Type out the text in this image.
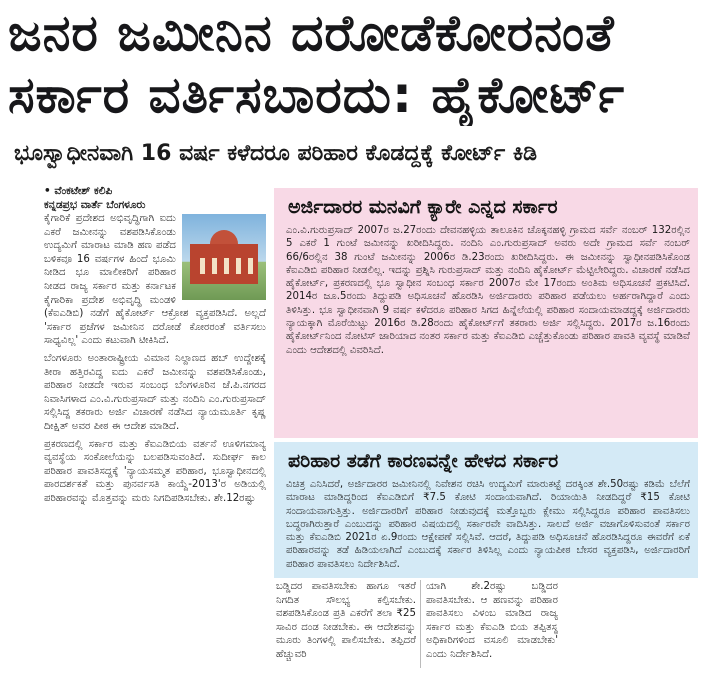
ಜನರ ಜಮೀನಿನ ದರೋಡೆಕೋರನಂತೆ
ಸರ್ಕಾರ ವರ್ತಿಸಬಾರದು: ಹೈಕೋರ್ಟ್
ಭೂಸ್ವಾಧೀನವಾಗಿ 16 ವರ್ಷ ಕಳೆದರೂ ಪರಿಹಾರ ಕೊಡದ್ದಕ್ಕೆ ಕೋರ್ಟ್ ಕಿಡಿ
• ವೆಂಕಟೇಶ್ ಕಲಿಪಿ
ಕನ್ನಡಪ್ರಭ ವಾರ್ತೆ ಬೆಂಗಳೂರು

ಕೈಗಾರಿಕೆ ಪ್ರದೇಶದ ಅಭಿವೃದ್ಧಿಗಾಗಿ ಐದು ಎಕರೆ ಜಮೀನನ್ನು ವಶಪಡಿಸಿಕೊಂಡು ಉದ್ಯಮಿಗೆ ಮಾರಾಟ ಮಾಡಿ ಹಣ ಪಡೆದ ಬಳಿಕವೂ 16 ವರ್ಷಗಳ ಹಿಂದೆ ಭೂಮಿ ನೀಡಿದ ಭೂ ಮಾಲೀಕರಿಗೆ ಪರಿಹಾರ ನೀಡದ ರಾಜ್ಯ ಸರ್ಕಾರ ಮತ್ತು ಕರ್ನಾಟಕ ಕೈಗಾರಿಕಾ ಪ್ರದೇಶ ಅಭಿವೃದ್ಧಿ ಮಂಡಳಿ (ಕೆಐಎಡಿಬಿ) ನಡೆಗೆ ಹೈಕೋರ್ಟ್ ಆಕ್ರೋಶ ವ್ಯಕ್ತಪಡಿಸಿದೆ. ಅಲ್ಲದೆ 'ಸರ್ಕಾರ ಪ್ರಜೆಗಳ ಜಮೀನಿನ ದರೋಡೆ ಕೋರರಂತೆ ವರ್ತಿಸಲು ಸಾಧ್ಯವಿಲ್ಲ' ಎಂದು ಕಟುವಾಗಿ ಟೀಕಿಸಿದೆ.

ಬೆಂಗಳೂರು ಅಂತಾರಾಷ್ಟ್ರೀಯ ವಿಮಾನ ನಿಲ್ದಾಣದ ಹಬ್ ಉದ್ದೇಶಕ್ಕೆ ತೀರಾ ಹತ್ತಿರವಿದ್ದ ಐದು ಎಕರೆ ಜಮೀನನ್ನು ವಶಪಡಿಸಿಕೊಂಡು, ಪರಿಹಾರ ನೀಡದೇ ಇರುವ ಸಂಬಂಧ ಬೆಂಗಳೂರಿನ ಜೆ.ಪಿ.ನಗರದ ನಿವಾಸಿಗಳಾದ ಎಂ.ವಿ.ಗುರುಪ್ರಸಾದ್ ಮತ್ತು ನಂದಿನಿ ಎಂ.ಗುರುಪ್ರಸಾದ್ ಸಲ್ಲಿಸಿದ್ದ ತಕರಾರು ಅರ್ಜಿ ವಿಚಾರಣೆ ನಡೆಸಿದ ನ್ಯಾಯಮೂರ್ತಿ ಕೃಷ್ಣ ದೀಕ್ಷಿತ್ ಅವರ ಪೀಠ ಈ ಆದೇಶ ಮಾಡಿದೆ.

ಪ್ರಕರಣದಲ್ಲಿ ಸರ್ಕಾರ ಮತ್ತು ಕೆಐಎಡಿಬಿಯ ವರ್ತನೆ ಊಳಿಗಮಾನ್ಯ ವ್ಯವಸ್ಥೆಯ ಸಂಕೋಲೆಯನ್ನು ಬಲಪಡಿಸುವಂತಿದೆ. ಸುದೀರ್ಘ ಕಾಲ ಪರಿಹಾರ ಪಾವತಿಸದ್ದಕ್ಕೆ 'ನ್ಯಾಯಸಮ್ಮತ ಪರಿಹಾರ, ಭೂಸ್ವಾಧೀನದಲ್ಲಿ ಪಾರದರ್ಶಕತೆ ಮತ್ತು ಪುನರ್ವಸತಿ ಕಾಯ್ದೆ-2013'ರ ಅಡಿಯಲ್ಲಿ ಪರಿಹಾರವನ್ನು ಮೊತ್ತವನ್ನು ಮರು ನಿಗದಿಪಡಿಸಬೇಕು. ಶೇ.12ರಷ್ಟು

ಅರ್ಜಿದಾರರ ಮನವಿಗೆ ಕ್ಯಾರೇ ಎನ್ನದ ಸರ್ಕಾರ
ಎಂ.ವಿ.ಗುರುಪ್ರಸಾದ್ 2007ರ ಜ.27ರಂದು ದೇವನಹಳ್ಳಿಯ ತಾಲೂಕಿನ ಚೊಕ್ಕನಹಳ್ಳಿ ಗ್ರಾಮದ ಸರ್ವೆ ನಂಬರ್ 132ರಲ್ಲಿನ 5 ಎಕರೆ 1 ಗುಂಟೆ ಜಮೀನನ್ನು ಖರೀದಿಸಿದ್ದರು. ನಂದಿನಿ ಎಂ.ಗುರುಪ್ರಸಾದ್ ಅವರು ಅದೇ ಗ್ರಾಮದ ಸರ್ವೆ ನಂಬರ್ 66/6ರಲ್ಲಿನ 38 ಗುಂಟೆ ಜಮೀನನ್ನು 2006ರ ಡಿ.23ರಂದು ಖರೀದಿಸಿದ್ದರು. ಈ ಜಮೀನನ್ನು ಸ್ವಾಧೀನಪಡಿಸಿಕೊಂಡ ಕೆಐಎಡಿಬಿ ಪರಿಹಾರ ನೀಡಲಿಲ್ಲ. ಇದನ್ನು ಪ್ರಶ್ನಿಸಿ ಗುರುಪ್ರಸಾದ್ ಮತ್ತು ನಂದಿನಿ ಹೈಕೋರ್ಟ್ ಮೆಟ್ಟಿಲೇರಿದ್ದರು. ವಿಚಾರಣೆ ನಡೆಸಿದ ಹೈಕೋರ್ಟ್, ಪ್ರಕರಣದಲ್ಲಿ ಭೂ ಸ್ವಾಧೀನ ಸಂಬಂಧ ಸರ್ಕಾರ 2007ರ ಮೇ 17ರಂದು ಅಂತಿಮ ಅಧಿಸೂಚನೆ ಪ್ರಕಟಿಸಿದೆ. 2014ರ ಜೂ.5ರಂದು ತಿದ್ದುಪಡಿ ಅಧಿಸೂಚನೆ ಹೊರಡಿಸಿ ಅರ್ಜಿದಾರರು ಪರಿಹಾರ ಪಡೆಯಲು ಅರ್ಹರಾಗಿದ್ದಾರೆ ಎಂದು ತಿಳಿಸಿತ್ತು. ಭೂ ಸ್ವಾಧೀನವಾಗಿ 9 ವರ್ಷ ಕಳೆದರೂ ಪರಿಹಾರ ಸಿಗದ ಹಿನ್ನೆಲೆಯಲ್ಲಿ ಪರಿಹಾರ ಸಂದಾಯಮಾಡದ್ದಕ್ಕೆ ಅರ್ಜಿದಾರರು ನ್ಯಾಯಕ್ಕಾಗಿ ಮೊರೆಯಿಟ್ಟು 2016ರ ಡಿ.28ರಂದು ಹೈಕೋರ್ಟ್‌ಗೆ ತಕರಾರು ಅರ್ಜಿ ಸಲ್ಲಿಸಿದ್ದರು. 2017ರ ಜ.16ರಂದು ಹೈಕೋರ್ಟ್‌ನಿಂದ ನೋಟಿಸ್ ಜಾರಿಯಾದ ನಂತರ ಸರ್ಕಾರ ಮತ್ತು ಕೆಐಎಡಿಬಿ ಎಚ್ಚೆತ್ತುಕೊಂಡು ಪರಿಹಾರ ಪಾವತಿ ವ್ಯವಸ್ಥೆ ಮಾಡಿವೆ ಎಂದು ಆದೇಶದಲ್ಲಿ ವಿವರಿಸಿದೆ.
ಪರಿಹಾರ ತಡೆಗೆ ಕಾರಣವನ್ನೇ ಹೇಳದ ಸರ್ಕಾರ
ವಿಚಿತ್ರ ಎನಿಸಿದರೆ, ಅರ್ಜಿದಾರರ ಜಮೀನಿನಲ್ಲಿ ನಿವೇಶನ ರಚಿಸಿ ಉದ್ಯಮಿಗೆ ಮಾರುಕಟ್ಟೆ ದರಕ್ಕಿಂತ ಶೇ.50ರಷ್ಟು ಕಡಿಮೆ ಬೆಲೆಗೆ ಮಾರಾಟ ಮಾಡಿದ್ದರಿಂದ ಕೆಐಎಡಿಬಿಗೆ ₹7.5 ಕೋಟಿ ಸಂದಾಯವಾಗಿದೆ. ರಿಯಾಯಿತಿ ನೀಡದಿದ್ದರೆ ₹15 ಕೋಟಿ ಸಂದಾಯವಾಗುತ್ತಿತ್ತು. ಅರ್ಜಿದಾರರಿಗೆ ಪರಿಹಾರ ನೀಡುವುದಕ್ಕೆ ಮತ್ತೊಬ್ಬರು ಕ್ಲೇಮು ಸಲ್ಲಿಸಿದ್ದರೂ ಪರಿಹಾರ ಪಾವತಿಸಲು ಬದ್ಧರಾಗಿರುತ್ತಾರೆ ಎಂಬುದನ್ನು ಪರಿಹಾರ ವಿಷಯದಲ್ಲಿ ಸರ್ಕಾರವೇ ವಾದಿಸಿತ್ತು. ಸಾಲದೆ ಅರ್ಜಿ ವಜಾಗೊಳಿಸುವಂತೆ ಸರ್ಕಾರ ಮತ್ತು ಕೆಐಎಡಿಬಿ 2021ರ ಏ.9ರಂದು ಆಕ್ಷೇಪಣೆ ಸಲ್ಲಿಸಿವೆ. ಆದರೆ, ತಿದ್ದುಪಡಿ ಅಧಿಸೂಚನೆ ಹೊರಡಿಸಿದ್ದರೂ ಈವರೆಗೆ ಏಕೆ ಪರಿಹಾರವನ್ನು ತಡೆ ಹಿಡಿಯಲಾಗಿದೆ ಎಂಬುದಕ್ಕೆ ಸರ್ಕಾರ ತಿಳಿಸಿಲ್ಲ ಎಂದು ನ್ಯಾಯಪೀಠ ಬೇಸರ ವ್ಯಕ್ತಪಡಿಸಿ, ಅರ್ಜಿದಾರರಿಗೆ ಪರಿಹಾರ ಪಾವತಿಸಲು ನಿರ್ದೇಶಿಸಿದೆ.
ಬಡ್ಡಿದರ ಪಾವತಿಸಬೇಕು ಹಾಗೂ ಇತರೆ ನಿಗದಿತ ಸೌಲಭ್ಯ ಕಲ್ಪಿಸಬೇಕು. ವಶಪಡಿಸಿಕೊಂಡ ಪ್ರತಿ ಎಕರೆಗೆ ತಲಾ ₹25 ಸಾವಿರ ದಂಡ ನೀಡಬೇಕು. ಈ ಆದೇಶವನ್ನು ಮೂರು ತಿಂಗಳಲ್ಲಿ ಪಾಲಿಸಬೇಕು. ತಪ್ಪಿದರೆ ಹೆಚ್ಚುವರಿ
ಯಾಗಿ ಶೇ.2ರಷ್ಟು ಬಡ್ಡಿದರ ಪಾವತಿಸಬೇಕು. ಆ ಹಣವನ್ನು ಪರಿಹಾರ ಪಾವತಿಸಲು ವಿಳಂಬ ಮಾಡಿದ ರಾಜ್ಯ ಸರ್ಕಾರ ಮತ್ತು ಕೆಐಎಡಿ ಬಿಯ ತಪ್ಪಿತಸ್ಥ ಅಧಿಕಾರಿಗಳಿಂದ ವಸೂಲಿ ಮಾಡಬೇಕು' ಎಂದು ನಿರ್ದೇಶಿಸಿದೆ.
